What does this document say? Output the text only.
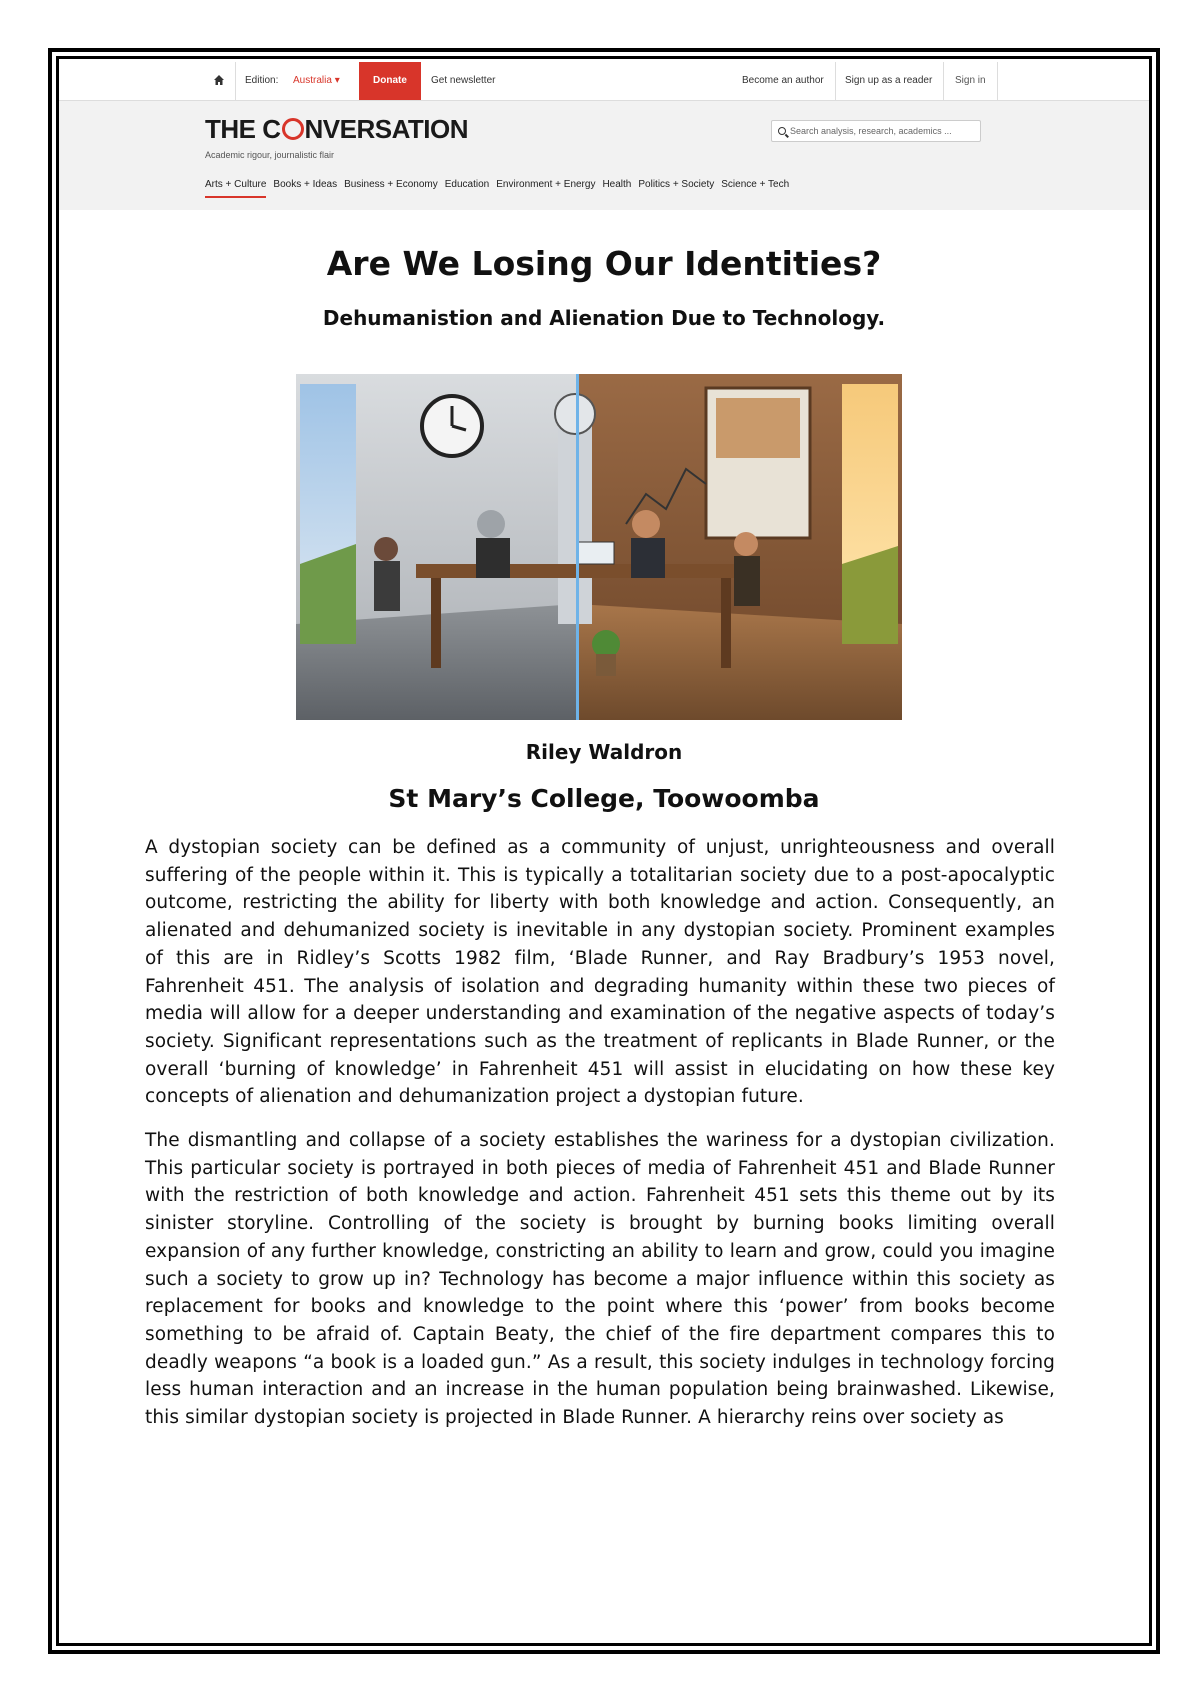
Edition: Australia ▾	Donate	Get newsletter	Become an author Sign up as a reader Sign in
THE C NVERSATION
Academic rigour, journalistic flair
Search analysis, research, academics ...
Arts + Culture Books + Ideas Business + Economy Education Environment + Energy Health Politics + Society Science + Tech
Are We Losing Our Identities?
Dehumanistion and Alienation Due to Technology.
Riley Waldron
St Mary’s College, Toowoomba

A dystopian society can be defined as a community of unjust, unrighteousness and overall suffering of the people within it. This is typically a totalitarian society due to a post-apocalyptic outcome, restricting the ability for liberty with both knowledge and action. Consequently, an alienated and dehumanized society is inevitable in any dystopian society. Prominent examples of this are in Ridley’s Scotts 1982 film, ‘Blade Runner, and Ray Bradbury’s 1953 novel, Fahrenheit 451. The analysis of isolation and degrading humanity within these two pieces of media will allow for a deeper understanding and examination of the negative aspects of today’s society. Significant representations such as the treatment of replicants in Blade Runner, or the overall ‘burning of knowledge’ in Fahrenheit 451 will assist in elucidating on how these key concepts of alienation and dehumanization project a dystopian future.

The dismantling and collapse of a society establishes the wariness for a dystopian civilization. This particular society is portrayed in both pieces of media of Fahrenheit 451 and Blade Runner with the restriction of both knowledge and action. Fahrenheit 451 sets this theme out by its sinister storyline. Controlling of the society is brought by burning books limiting overall expansion of any further knowledge, constricting an ability to learn and grow, could you imagine such a society to grow up in? Technology has become a major influence within this society as replacement for books and knowledge to the point where this ‘power’ from books become something to be afraid of. Captain Beaty, the chief of the fire department compares this to deadly weapons “a book is a loaded gun.” As a result, this society indulges in technology forcing less human interaction and an increase in the human population being brainwashed. Likewise, this similar dystopian society is projected in Blade Runner. A hierarchy reins over society as
